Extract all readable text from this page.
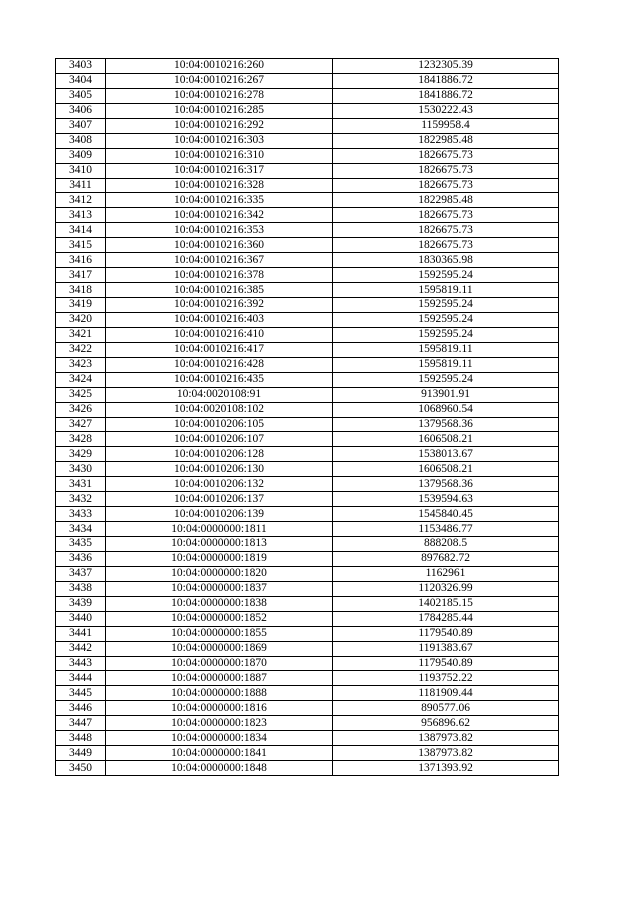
3403	10:04:0010216:260	1232305.39
3404	10:04:0010216:267	1841886.72
3405	10:04:0010216:278	1841886.72
3406	10:04:0010216:285	1530222.43
3407	10:04:0010216:292	1159958.4
3408	10:04:0010216:303	1822985.48
3409	10:04:0010216:310	1826675.73
3410	10:04:0010216:317	1826675.73
3411	10:04:0010216:328	1826675.73
3412	10:04:0010216:335	1822985.48
3413	10:04:0010216:342	1826675.73
3414	10:04:0010216:353	1826675.73
3415	10:04:0010216:360	1826675.73
3416	10:04:0010216:367	1830365.98
3417	10:04:0010216:378	1592595.24
3418	10:04:0010216:385	1595819.11
3419	10:04:0010216:392	1592595.24
3420	10:04:0010216:403	1592595.24
3421	10:04:0010216:410	1592595.24
3422	10:04:0010216:417	1595819.11
3423	10:04:0010216:428	1595819.11
3424	10:04:0010216:435	1592595.24
3425	10:04:0020108:91	913901.91
3426	10:04:0020108:102	1068960.54
3427	10:04:0010206:105	1379568.36
3428	10:04:0010206:107	1606508.21
3429	10:04:0010206:128	1538013.67
3430	10:04:0010206:130	1606508.21
3431	10:04:0010206:132	1379568.36
3432	10:04:0010206:137	1539594.63
3433	10:04:0010206:139	1545840.45
3434	10:04:0000000:1811	1153486.77
3435	10:04:0000000:1813	888208.5
3436	10:04:0000000:1819	897682.72
3437	10:04:0000000:1820	1162961
3438	10:04:0000000:1837	1120326.99
3439	10:04:0000000:1838	1402185.15
3440	10:04:0000000:1852	1784285.44
3441	10:04:0000000:1855	1179540.89
3442	10:04:0000000:1869	1191383.67
3443	10:04:0000000:1870	1179540.89
3444	10:04:0000000:1887	1193752.22
3445	10:04:0000000:1888	1181909.44
3446	10:04:0000000:1816	890577.06
3447	10:04:0000000:1823	956896.62
3448	10:04:0000000:1834	1387973.82
3449	10:04:0000000:1841	1387973.82
3450	10:04:0000000:1848	1371393.92
